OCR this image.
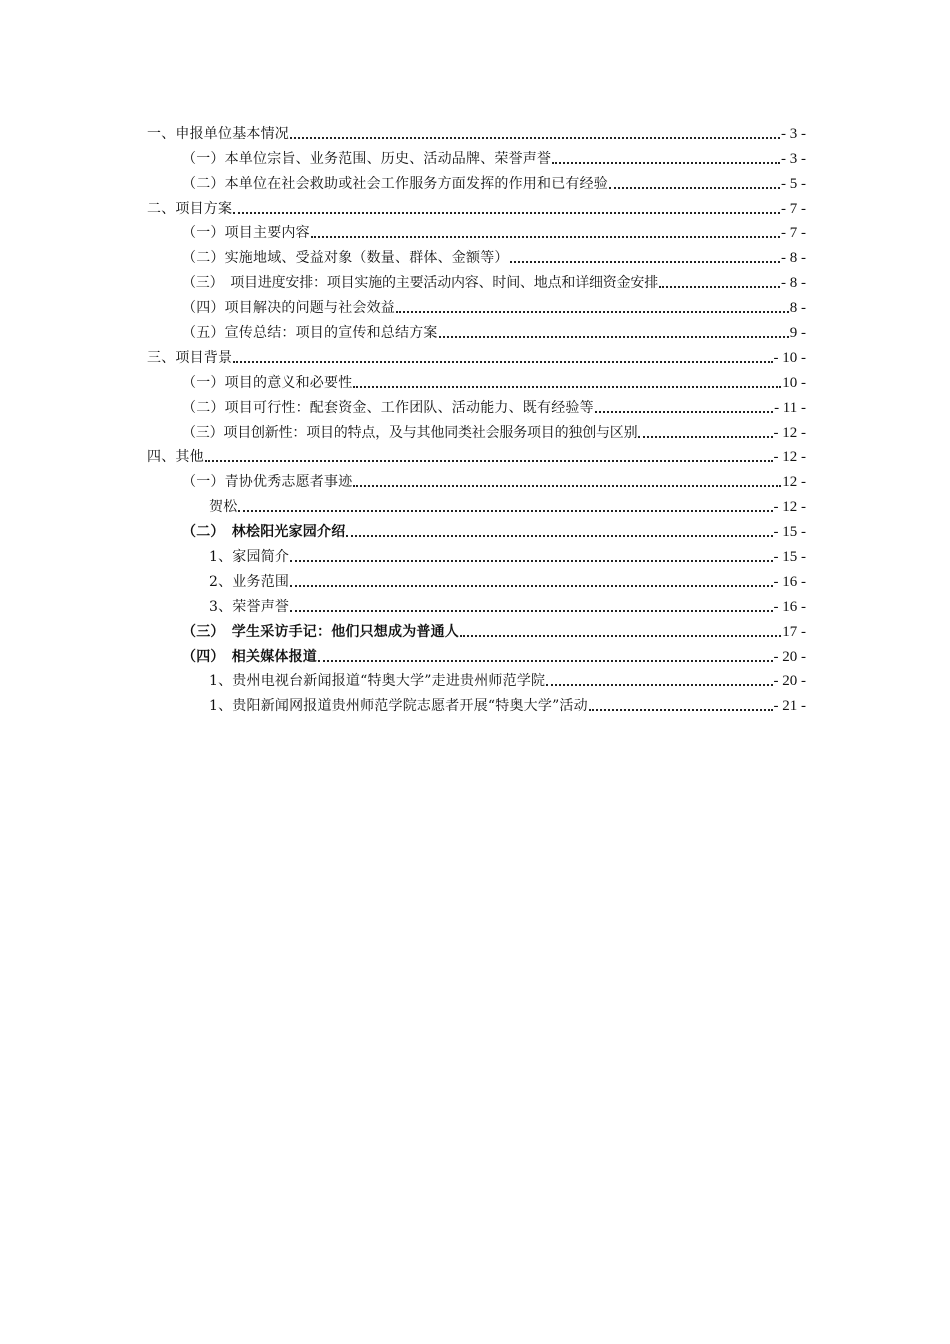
一、申报单位基本情况	- 3 -
（一）本单位宗旨、业务范围、历史、活动品牌、荣誉声誉	- 3 -
（二）本单位在社会救助或社会工作服务方面发挥的作用和已有经验	- 5 -
二、项目方案	- 7 -
（一）项目主要内容	- 7 -
（二）实施地域、受益对象（数量、群体、金额等）	- 8 -
（三）　项目进度安排：项目实施的主要活动内容、时间、地点和详细资金安排	- 8 -
（四）项目解决的问题与社会效益	8 -
（五）宣传总结：项目的宣传和总结方案	9 -
三、项目背景	- 10 -
（一）项目的意义和必要性	10 -
（二）项目可行性：配套资金、工作团队、活动能力、既有经验等	- 11 -
（三）项目创新性：项目的特点，及与其他同类社会服务项目的独创与区别	- 12 -
四、其他	- 12 -
（一）青协优秀志愿者事迹	12 -
贺松	- 12 -
（二）　林桧阳光家园介绍	- 15 -
1、家园简介	- 15 -
2、业务范围	- 16 -
3、荣誉声誉	- 16 -
（三）　学生采访手记：他们只想成为普通人	17 -
（四）　相关媒体报道	- 20 -
1、贵州电视台新闻报道“特奥大学”走进贵州师范学院	- 20 -
1、贵阳新闻网报道贵州师范学院志愿者开展“特奥大学”活动	- 21 -
